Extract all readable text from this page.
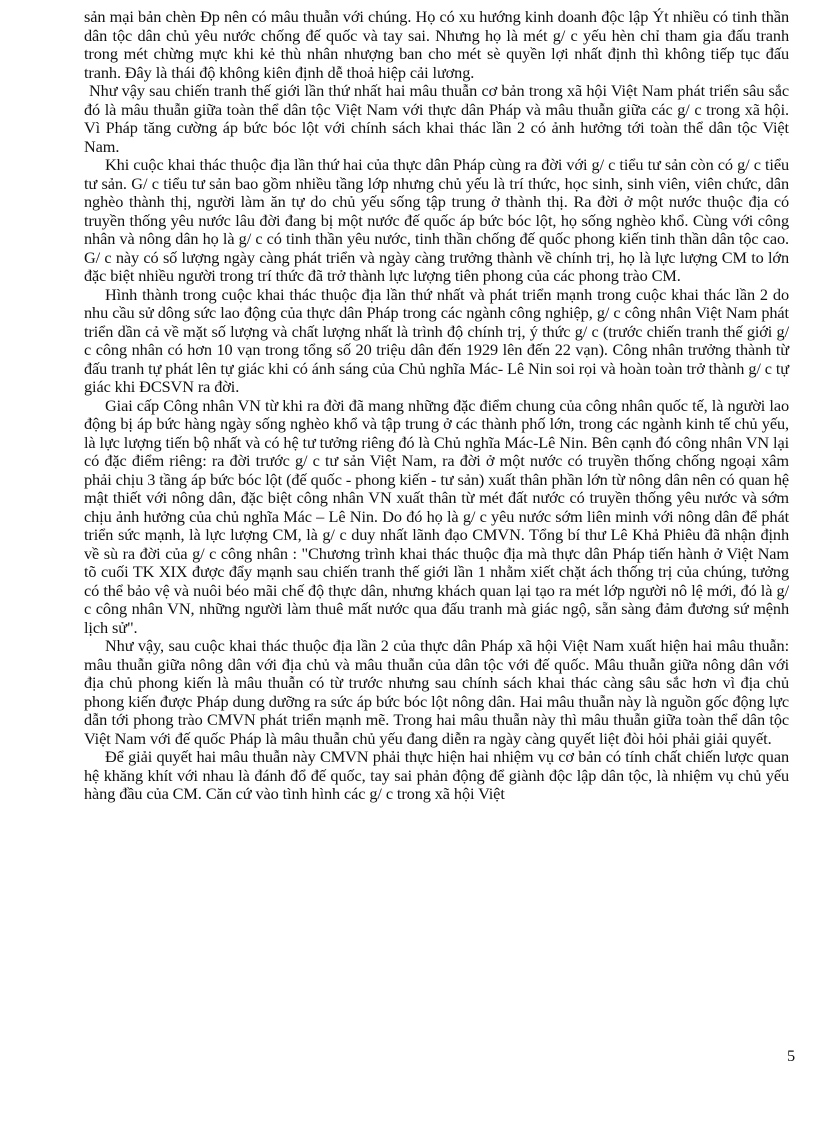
sản mại bản chèn Ðp nên có mâu thuẫn với chúng. Họ có xu hướng kinh doanh độc lập Ýt nhiều có tinh thần dân tộc dân chủ yêu nước chống đế quốc và tay sai. Nhưng họ là mét g/ c yếu hèn chỉ tham gia đấu tranh trong mét chừng mực khi kẻ thù nhân nhượng ban cho mét sè quyền lợi nhất định thì không tiếp tục đấu tranh. Đây là thái độ không kiên định dễ thoả hiệp cải lương.

Như vậy sau chiến tranh thế giới lần thứ nhất hai mâu thuẫn cơ bản trong xã hội Việt Nam phát triển sâu sắc đó là mâu thuẫn giữa toàn thể dân tộc Việt Nam với thực dân Pháp và mâu thuẫn giữa các g/ c trong xã hội. Vì Pháp tăng cường áp bức bóc lột với chính sách khai thác lần 2 có ảnh hưởng tới toàn thể dân tộc Việt Nam.

Khi cuộc khai thác thuộc địa lần thứ hai của thực dân Pháp cùng ra đời với g/ c tiểu tư sản còn có g/ c tiểu tư sản. G/ c tiểu tư sản bao gồm nhiều tầng lớp nhưng chủ yếu là trí thức, học sinh, sinh viên, viên chức, dân nghèo thành thị, người làm ăn tự do chủ yếu sống tập trung ở thành thị. Ra đời ở một nước thuộc địa có truyền thống yêu nước lâu đời đang bị một nước đế quốc áp bức bóc lột, họ sống nghèo khổ. Cùng với công nhân và nông dân họ là g/ c có tinh thần yêu nước, tinh thần chống đế quốc phong kiến tinh thần dân tộc cao. G/ c này có số lượng ngày càng phát triển và ngày càng trưởng thành về chính trị, họ là lực lượng CM to lớn đặc biệt nhiều người trong trí thức đã trở thành lực lượng tiên phong của các phong trào CM.

Hình thành trong cuộc khai thác thuộc địa lần thứ nhất và phát triển mạnh trong cuộc khai thác lần 2 do nhu cầu sử dông sức lao động của thực dân Pháp trong các ngành công nghiệp, g/ c công nhân Việt Nam phát triển dần cả về mặt số lượng và chất lượng nhất là trình độ chính trị, ý thức g/ c (trước chiến tranh thế giới g/ c công nhân có hơn 10 vạn trong tổng số 20 triệu dân đến 1929 lên đến 22 vạn). Công nhân trưởng thành từ đấu tranh tự phát lên tự giác khi có ánh sáng của Chủ nghĩa Mác- Lê Nin soi rọi và hoàn toàn trở thành g/ c tự giác khi ĐCSVN ra đời.

Giai cấp Công nhân VN từ khi ra đời đã mang những đặc điểm chung của công nhân quốc tế, là người lao động bị áp bức hàng ngày sống nghèo khổ và tập trung ở các thành phố lớn, trong các ngành kinh tế chủ yếu, là lực lượng tiến bộ nhất và có hệ tư tưởng riêng đó là Chủ nghĩa Mác-Lê Nin. Bên cạnh đó công nhân VN lại có đặc điểm riêng: ra đời trước g/ c tư sản Việt Nam, ra đời ở một nước có truyền thống chống ngoại xâm phải chịu 3 tầng áp bức bóc lột (đế quốc - phong kiến - tư sản) xuất thân phần lớn từ nông dân nên có quan hệ mật thiết với nông dân, đặc biệt công nhân VN xuất thân từ mét đất nước có truyền thống yêu nước và sớm chịu ảnh hưởng của chủ nghĩa Mác – Lê Nin. Do đó họ là g/ c yêu nước sớm liên minh với nông dân để phát triển sức mạnh, là lực lượng CM, là g/ c duy nhất lãnh đạo CMVN. Tổng bí thư Lê Khả Phiêu đã nhận định về sù ra đời của g/ c công nhân : "Chương trình khai thác thuộc địa mà thực dân Pháp tiến hành ở Việt Nam tõ cuối TK XIX được đẩy mạnh sau chiến tranh thế giới lần 1 nhằm xiết chặt ách thống trị của chúng, tưởng có thể bảo vệ và nuôi béo mãi chế độ thực dân, nhưng khách quan lại tạo ra mét lớp người nô lệ mới, đó là g/ c công nhân VN, những người làm thuê mất nước qua đấu tranh mà giác ngộ, sẵn sàng đảm đương sứ mệnh lịch sử".

Như vậy, sau cuộc khai thác thuộc địa lần 2 của thực dân Pháp xã hội Việt Nam xuất hiện hai mâu thuẫn: mâu thuẫn giữa nông dân với địa chủ và mâu thuẫn của dân tộc với đế quốc. Mâu thuẫn giữa nông dân với địa chủ phong kiến là mâu thuẫn có từ trước nhưng sau chính sách khai thác càng sâu sắc hơn vì địa chủ phong kiến được Pháp dung dưỡng ra sức áp bức bóc lột nông dân. Hai mâu thuẫn này là nguồn gốc động lực dẫn tới phong trào CMVN phát triển mạnh mẽ. Trong hai mâu thuẫn này thì mâu thuẫn giữa toàn thể dân tộc Việt Nam với đế quốc Pháp là mâu thuẫn chủ yếu đang diễn ra ngày càng quyết liệt đòi hỏi phải giải quyết.

Để giải quyết hai mâu thuẫn này CMVN phải thực hiện hai nhiệm vụ cơ bản có tính chất chiến lược quan hệ khăng khít với nhau là đánh đổ đế quốc, tay sai phản động để giành độc lập dân tộc, là nhiệm vụ chủ yếu hàng đầu của CM. Căn cứ vào tình hình các g/ c trong xã hội Việt

5
